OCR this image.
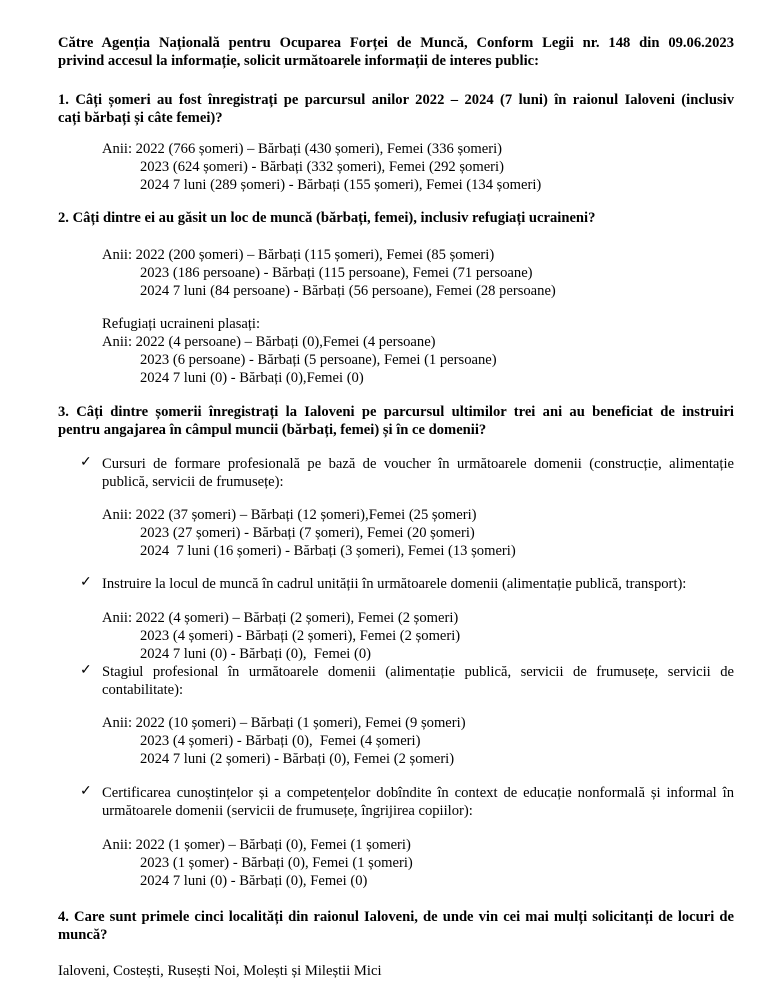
Către Agenția Națională pentru Ocuparea Forței de Muncă, Conform Legii nr. 148 din 09.06.2023
privind accesul la informație, solicit următoarele informații de interes public:
1. Câți șomeri au fost înregistrați pe parcursul anilor 2022 – 2024 (7 luni) în raionul Ialoveni (inclusiv
cați bărbați și câte femei)?
Anii: 2022 (766 șomeri) – Bărbați (430 șomeri), Femei (336 șomeri)
2023 (624 șomeri) - Bărbați (332 șomeri), Femei (292 șomeri)
2024 7 luni (289 șomeri) - Bărbați (155 șomeri), Femei (134 șomeri)
2. Câți dintre ei au găsit un loc de muncă (bărbați, femei), inclusiv refugiați ucraineni?
Anii: 2022 (200 șomeri) – Bărbați (115 șomeri), Femei (85 șomeri)
2023 (186 persoane) - Bărbați (115 persoane), Femei (71 persoane)
2024 7 luni (84 persoane) - Bărbați (56 persoane), Femei (28 persoane)
Refugiați ucraineni plasați:
Anii: 2022 (4 persoane) – Bărbați (0),Femei (4 persoane)
2023 (6 persoane) - Bărbați (5 persoane), Femei (1 persoane)
2024 7 luni (0) - Bărbați (0),Femei (0)
3. Câți dintre șomerii înregistrați la Ialoveni pe parcursul ultimilor trei ani au beneficiat de instruiri
pentru angajarea în câmpul muncii (bărbați, femei) și în ce domenii?
✓ Cursuri de formare profesională pe bază de voucher în următoarele domenii (construcție, alimentație
publică, servicii de frumusețe):
Anii: 2022 (37 șomeri) – Bărbați (12 șomeri),Femei (25 șomeri)
2023 (27 șomeri) - Bărbați (7 șomeri), Femei (20 șomeri)
2024  7 luni (16 șomeri) - Bărbați (3 șomeri), Femei (13 șomeri)
✓ Instruire la locul de muncă în cadrul unității în următoarele domenii (alimentație publică, transport):
Anii: 2022 (4 șomeri) – Bărbați (2 șomeri), Femei (2 șomeri)
2023 (4 șomeri) - Bărbați (2 șomeri), Femei (2 șomeri)
2024 7 luni (0) - Bărbați (0),  Femei (0)
✓ Stagiul profesional în următoarele domenii (alimentație publică, servicii de frumusețe, servicii de
contabilitate):
Anii: 2022 (10 șomeri) – Bărbați (1 șomeri), Femei (9 șomeri)
2023 (4 șomeri) - Bărbați (0),  Femei (4 șomeri)
2024 7 luni (2 șomeri) - Bărbați (0), Femei (2 șomeri)
✓ Certificarea cunoștințelor și a competențelor dobîndite în context de educație nonformală și informal în
următoarele domenii (servicii de frumusețe, îngrijirea copiilor):
Anii: 2022 (1 șomer) – Bărbați (0), Femei (1 șomeri)
2023 (1 șomer) - Bărbați (0), Femei (1 șomeri)
2024 7 luni (0) - Bărbați (0), Femei (0)
4. Care sunt primele cinci localități din raionul Ialoveni, de unde vin cei mai mulți solicitanți de locuri de
muncă?
Ialoveni, Costești, Rusești Noi, Molești și Mileștii Mici
